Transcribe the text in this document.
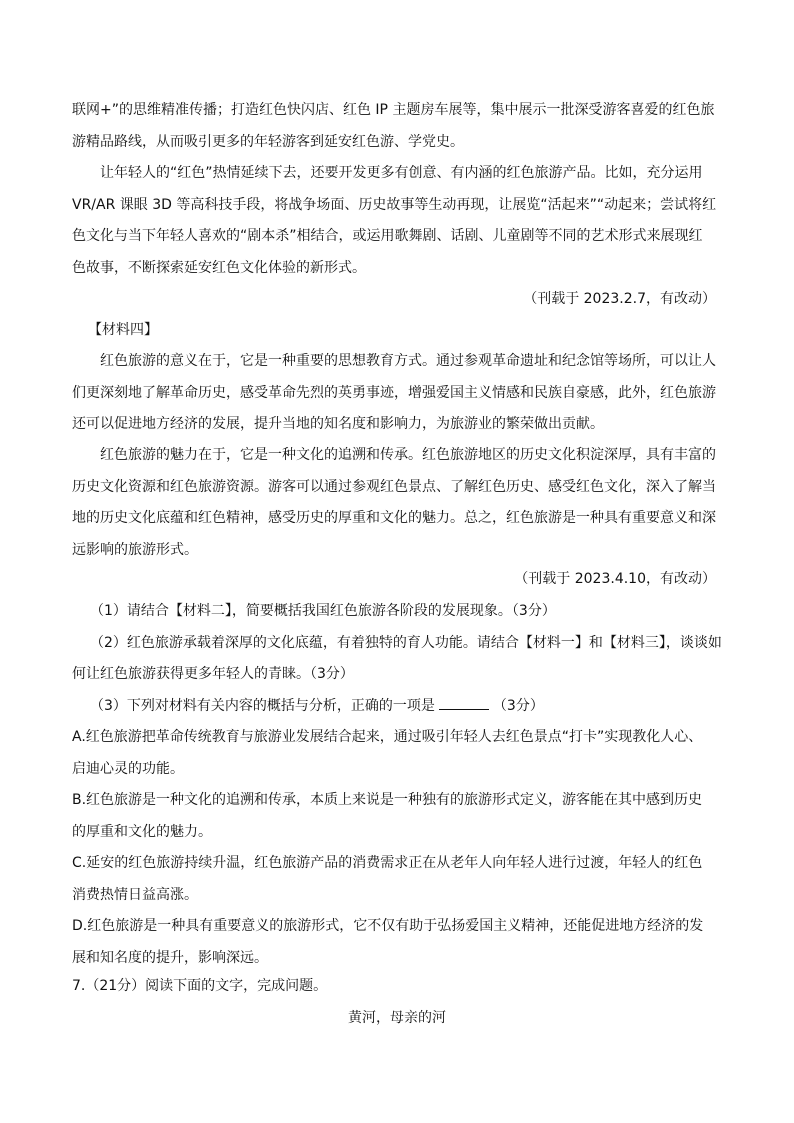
联网+”的思维精准传播；打造红色快闪店、红色 IP 主题房车展等，集中展示一批深受游客喜爱的红色旅
游精品路线，从而吸引更多的年轻游客到延安红色游、学党史。
让年轻人的“红色”热情延续下去，还要开发更多有创意、有内涵的红色旅游产品。比如，充分运用
VR/AR 课眼 3D 等高科技手段，将战争场面、历史故事等生动再现，让展览“活起来”“动起来；尝试将红
色文化与当下年轻人喜欢的“剧本杀”相结合，或运用歌舞剧、话剧、儿童剧等不同的艺术形式来展现红
色故事，不断探索延安红色文化体验的新形式。
（刊载于 2023.2.7，有改动）
【材料四】
红色旅游的意义在于，它是一种重要的思想教育方式。通过参观革命遗址和纪念馆等场所，可以让人
们更深刻地了解革命历史，感受革命先烈的英勇事迹，增强爱国主义情感和民族自豪感，此外，红色旅游
还可以促进地方经济的发展，提升当地的知名度和影响力，为旅游业的繁荣做出贡献。
红色旅游的魅力在于，它是一种文化的追溯和传承。红色旅游地区的历史文化积淀深厚，具有丰富的
历史文化资源和红色旅游资源。游客可以通过参观红色景点、了解红色历史、感受红色文化，深入了解当
地的历史文化底蕴和红色精神，感受历史的厚重和文化的魅力。总之，红色旅游是一种具有重要意义和深
远影响的旅游形式。
（刊载于 2023.4.10，有改动）
（1）请结合【材料二】，简要概括我国红色旅游各阶段的发展现象。（3分）
（2）红色旅游承载着深厚的文化底蕴，有着独特的育人功能。请结合【材料一】和【材料三】，谈谈如
何让红色旅游获得更多年轻人的青睐。（3分）
（3）下列对材料有关内容的概括与分析，正确的一项是	（3分）
A.红色旅游把革命传统教育与旅游业发展结合起来，通过吸引年轻人去红色景点“打卡”实现教化人心、
启迪心灵的功能。
B.红色旅游是一种文化的追溯和传承，本质上来说是一种独有的旅游形式定义，游客能在其中感到历史
的厚重和文化的魅力。
C.延安的红色旅游持续升温，红色旅游产品的消费需求正在从老年人向年轻人进行过渡，年轻人的红色
消费热情日益高涨。
D.红色旅游是一种具有重要意义的旅游形式，它不仅有助于弘扬爱国主义精神，还能促进地方经济的发
展和知名度的提升，影响深远。
7.（21分）阅读下面的文字，完成问题。
黄河，母亲的河
